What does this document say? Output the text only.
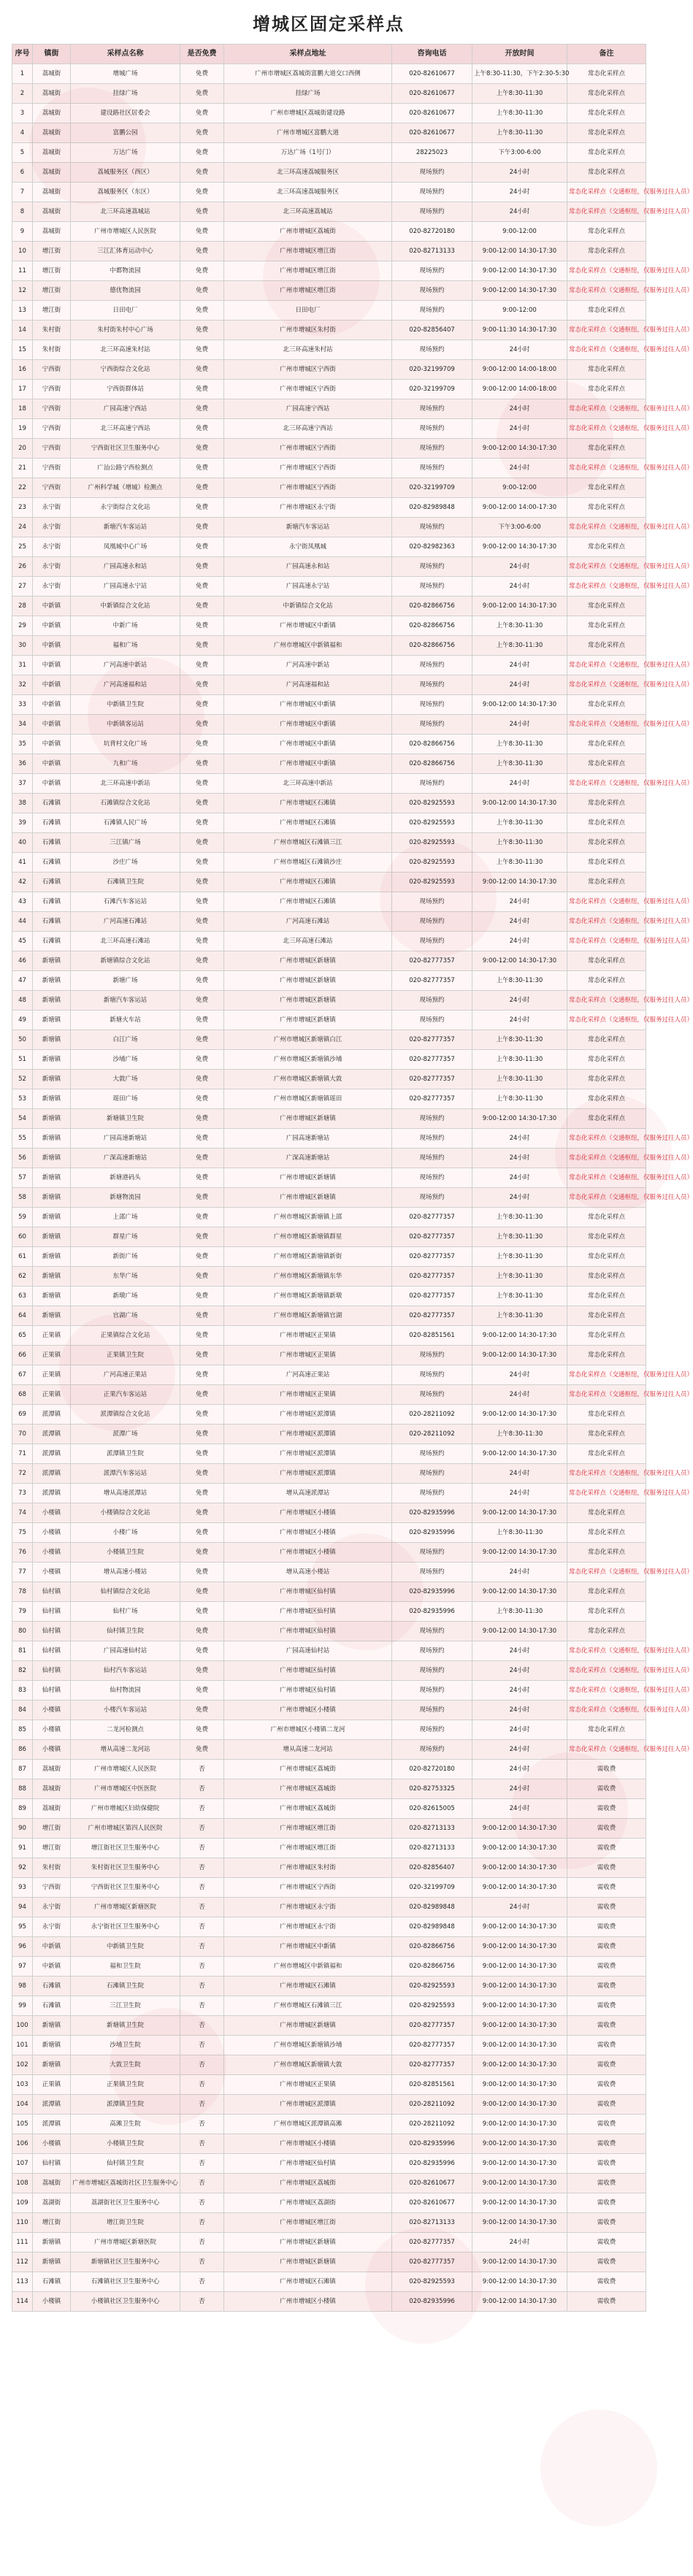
增城区固定采样点
序号	镇街	采样点名称	是否免费	采样点地址	咨询电话	开放时间	备注
1	荔城街	增城广场	免费	广州市增城区荔城街富鹏大道交口西侧	020-82610677	上午8:30-11:30，下午2:30-5:30	常态化采样点
2	荔城街	挂绿广场	免费	挂绿广场	020-82610677	上午8:30-11:30	常态化采样点
3	荔城街	建设路社区居委会	免费	广州市增城区荔城街建设路	020-82610677	上午8:30-11:30	常态化采样点
4	荔城街	富鹏公园	免费	广州市增城区富鹏大道	020-82610677	上午8:30-11:30	常态化采样点
5	荔城街	万达广场	免费	万达广场（1号门）	28225023	下午3:00-6:00	常态化采样点
6	荔城街	荔城服务区（西区）	免费	北三环高速荔城服务区	现场预约	24小时	常态化采样点
7	荔城街	荔城服务区（东区）	免费	北三环高速荔城服务区	现场预约	24小时	常态化采样点（交通枢纽，仅服务过往人员）
8	荔城街	北三环高速荔城站	免费	北三环高速荔城站	现场预约	24小时	常态化采样点（交通枢纽，仅服务过往人员）
9	荔城街	广州市增城区人民医院	免费	广州市增城区荔城街	020-82720180	9:00-12:00	常态化采样点
10	增江街	三江汇体育运动中心	免费	广州市增城区增江街	020-82713133	9:00-12:00 14:30-17:30	常态化采样点
11	增江街	中都物流园	免费	广州市增城区增江街	现场预约	9:00-12:00 14:30-17:30	常态化采样点（交通枢纽，仅服务过往人员）
12	增江街	德优物流园	免费	广州市增城区增江街	现场预约	9:00-12:00 14:30-17:30	常态化采样点（交通枢纽，仅服务过往人员）
13	增江街	日田电厂	免费	日田电厂	现场预约	9:00-12:00	常态化采样点
14	朱村街	朱村街朱村中心广场	免费	广州市增城区朱村街	020-82856407	9:00-11:30 14:30-17:30	常态化采样点（交通枢纽，仅服务过往人员）
15	朱村街	北三环高速朱村站	免费	北三环高速朱村站	现场预约	24小时	常态化采样点（交通枢纽，仅服务过往人员）
16	宁西街	宁西街综合文化站	免费	广州市增城区宁西街	020-32199709	9:00-12:00 14:00-18:00	常态化采样点
17	宁西街	宁西街群体站	免费	广州市增城区宁西街	020-32199709	9:00-12:00 14:00-18:00	常态化采样点
18	宁西街	广园高速宁西站	免费	广园高速宁西站	现场预约	24小时	常态化采样点（交通枢纽，仅服务过往人员）
19	宁西街	北三环高速宁西站	免费	北三环高速宁西站	现场预约	24小时	常态化采样点（交通枢纽，仅服务过往人员）
20	宁西街	宁西街社区卫生服务中心	免费	广州市增城区宁西街	现场预约	9:00-12:00 14:30-17:30	常态化采样点
21	宁西街	广汕公路宁西检测点	免费	广州市增城区宁西街	现场预约	24小时	常态化采样点（交通枢纽，仅服务过往人员）
22	宁西街	广州科学城（增城）检测点	免费	广州市增城区宁西街	020-32199709	9:00-12:00	常态化采样点
23	永宁街	永宁街综合文化站	免费	广州市增城区永宁街	020-82989848	9:00-12:00 14:00-17:30	常态化采样点
24	永宁街	新塘汽车客运站	免费	新塘汽车客运站	现场预约	下午3:00-6:00	常态化采样点（交通枢纽，仅服务过往人员）
25	永宁街	凤凰城中心广场	免费	永宁街凤凰城	020-82982363	9:00-12:00 14:30-17:30	常态化采样点
26	永宁街	广园高速永和站	免费	广园高速永和站	现场预约	24小时	常态化采样点（交通枢纽，仅服务过往人员）
27	永宁街	广园高速永宁站	免费	广园高速永宁站	现场预约	24小时	常态化采样点（交通枢纽，仅服务过往人员）
28	中新镇	中新镇综合文化站	免费	中新镇综合文化站	020-82866756	9:00-12:00 14:30-17:30	常态化采样点
29	中新镇	中新广场	免费	广州市增城区中新镇	020-82866756	上午8:30-11:30	常态化采样点
30	中新镇	福和广场	免费	广州市增城区中新镇福和	020-82866756	上午8:30-11:30	常态化采样点
31	中新镇	广河高速中新站	免费	广河高速中新站	现场预约	24小时	常态化采样点（交通枢纽，仅服务过往人员）
32	中新镇	广河高速福和站	免费	广河高速福和站	现场预约	24小时	常态化采样点（交通枢纽，仅服务过往人员）
33	中新镇	中新镇卫生院	免费	广州市增城区中新镇	现场预约	9:00-12:00 14:30-17:30	常态化采样点
34	中新镇	中新镇客运站	免费	广州市增城区中新镇	现场预约	24小时	常态化采样点（交通枢纽，仅服务过往人员）
35	中新镇	坑背村文化广场	免费	广州市增城区中新镇	020-82866756	上午8:30-11:30	常态化采样点
36	中新镇	九和广场	免费	广州市增城区中新镇	020-82866756	上午8:30-11:30	常态化采样点
37	中新镇	北三环高速中新站	免费	北三环高速中新站	现场预约	24小时	常态化采样点（交通枢纽，仅服务过往人员）
38	石滩镇	石滩镇综合文化站	免费	广州市增城区石滩镇	020-82925593	9:00-12:00 14:30-17:30	常态化采样点
39	石滩镇	石滩镇人民广场	免费	广州市增城区石滩镇	020-82925593	上午8:30-11:30	常态化采样点
40	石滩镇	三江镇广场	免费	广州市增城区石滩镇三江	020-82925593	上午8:30-11:30	常态化采样点
41	石滩镇	沙庄广场	免费	广州市增城区石滩镇沙庄	020-82925593	上午8:30-11:30	常态化采样点
42	石滩镇	石滩镇卫生院	免费	广州市增城区石滩镇	020-82925593	9:00-12:00 14:30-17:30	常态化采样点
43	石滩镇	石滩汽车客运站	免费	广州市增城区石滩镇	现场预约	24小时	常态化采样点（交通枢纽，仅服务过往人员）
44	石滩镇	广河高速石滩站	免费	广河高速石滩站	现场预约	24小时	常态化采样点（交通枢纽，仅服务过往人员）
45	石滩镇	北三环高速石滩站	免费	北三环高速石滩站	现场预约	24小时	常态化采样点（交通枢纽，仅服务过往人员）
46	新塘镇	新塘镇综合文化站	免费	广州市增城区新塘镇	020-82777357	9:00-12:00 14:30-17:30	常态化采样点
47	新塘镇	新塘广场	免费	广州市增城区新塘镇	020-82777357	上午8:30-11:30	常态化采样点
48	新塘镇	新塘汽车客运站	免费	广州市增城区新塘镇	现场预约	24小时	常态化采样点（交通枢纽，仅服务过往人员）
49	新塘镇	新塘火车站	免费	广州市增城区新塘镇	现场预约	24小时	常态化采样点（交通枢纽，仅服务过往人员）
50	新塘镇	白江广场	免费	广州市增城区新塘镇白江	020-82777357	上午8:30-11:30	常态化采样点
51	新塘镇	沙埔广场	免费	广州市增城区新塘镇沙埔	020-82777357	上午8:30-11:30	常态化采样点
52	新塘镇	大敦广场	免费	广州市增城区新塘镇大敦	020-82777357	上午8:30-11:30	常态化采样点
53	新塘镇	瑶田广场	免费	广州市增城区新塘镇瑶田	020-82777357	上午8:30-11:30	常态化采样点
54	新塘镇	新塘镇卫生院	免费	广州市增城区新塘镇	现场预约	9:00-12:00 14:30-17:30	常态化采样点
55	新塘镇	广园高速新塘站	免费	广园高速新塘站	现场预约	24小时	常态化采样点（交通枢纽，仅服务过往人员）
56	新塘镇	广深高速新塘站	免费	广深高速新塘站	现场预约	24小时	常态化采样点（交通枢纽，仅服务过往人员）
57	新塘镇	新塘港码头	免费	广州市增城区新塘镇	现场预约	24小时	常态化采样点（交通枢纽，仅服务过往人员）
58	新塘镇	新塘物流园	免费	广州市增城区新塘镇	现场预约	24小时	常态化采样点（交通枢纽，仅服务过往人员）
59	新塘镇	上邵广场	免费	广州市增城区新塘镇上邵	020-82777357	上午8:30-11:30	常态化采样点
60	新塘镇	群星广场	免费	广州市增城区新塘镇群星	020-82777357	上午8:30-11:30	常态化采样点
61	新塘镇	新街广场	免费	广州市增城区新塘镇新街	020-82777357	上午8:30-11:30	常态化采样点
62	新塘镇	东华广场	免费	广州市增城区新塘镇东华	020-82777357	上午8:30-11:30	常态化采样点
63	新塘镇	新墩广场	免费	广州市增城区新塘镇新墩	020-82777357	上午8:30-11:30	常态化采样点
64	新塘镇	官湖广场	免费	广州市增城区新塘镇官湖	020-82777357	上午8:30-11:30	常态化采样点
65	正果镇	正果镇综合文化站	免费	广州市增城区正果镇	020-82851561	9:00-12:00 14:30-17:30	常态化采样点
66	正果镇	正果镇卫生院	免费	广州市增城区正果镇	现场预约	9:00-12:00 14:30-17:30	常态化采样点
67	正果镇	广河高速正果站	免费	广河高速正果站	现场预约	24小时	常态化采样点（交通枢纽，仅服务过往人员）
68	正果镇	正果汽车客运站	免费	广州市增城区正果镇	现场预约	24小时	常态化采样点（交通枢纽，仅服务过往人员）
69	派潭镇	派潭镇综合文化站	免费	广州市增城区派潭镇	020-28211092	9:00-12:00 14:30-17:30	常态化采样点
70	派潭镇	派潭广场	免费	广州市增城区派潭镇	020-28211092	上午8:30-11:30	常态化采样点
71	派潭镇	派潭镇卫生院	免费	广州市增城区派潭镇	现场预约	9:00-12:00 14:30-17:30	常态化采样点
72	派潭镇	派潭汽车客运站	免费	广州市增城区派潭镇	现场预约	24小时	常态化采样点（交通枢纽，仅服务过往人员）
73	派潭镇	增从高速派潭站	免费	增从高速派潭站	现场预约	24小时	常态化采样点（交通枢纽，仅服务过往人员）
74	小楼镇	小楼镇综合文化站	免费	广州市增城区小楼镇	020-82935996	9:00-12:00 14:30-17:30	常态化采样点
75	小楼镇	小楼广场	免费	广州市增城区小楼镇	020-82935996	上午8:30-11:30	常态化采样点
76	小楼镇	小楼镇卫生院	免费	广州市增城区小楼镇	现场预约	9:00-12:00 14:30-17:30	常态化采样点
77	小楼镇	增从高速小楼站	免费	增从高速小楼站	现场预约	24小时	常态化采样点（交通枢纽，仅服务过往人员）
78	仙村镇	仙村镇综合文化站	免费	广州市增城区仙村镇	020-82935996	9:00-12:00 14:30-17:30	常态化采样点
79	仙村镇	仙村广场	免费	广州市增城区仙村镇	020-82935996	上午8:30-11:30	常态化采样点
80	仙村镇	仙村镇卫生院	免费	广州市增城区仙村镇	现场预约	9:00-12:00 14:30-17:30	常态化采样点
81	仙村镇	广园高速仙村站	免费	广园高速仙村站	现场预约	24小时	常态化采样点（交通枢纽，仅服务过往人员）
82	仙村镇	仙村汽车客运站	免费	广州市增城区仙村镇	现场预约	24小时	常态化采样点（交通枢纽，仅服务过往人员）
83	仙村镇	仙村物流园	免费	广州市增城区仙村镇	现场预约	24小时	常态化采样点（交通枢纽，仅服务过往人员）
84	小楼镇	小楼汽车客运站	免费	广州市增城区小楼镇	现场预约	24小时	常态化采样点（交通枢纽，仅服务过往人员）
85	小楼镇	二龙河检测点	免费	广州市增城区小楼镇二龙河	现场预约	24小时	常态化采样点
86	小楼镇	增从高速二龙河站	免费	增从高速二龙河站	现场预约	24小时	常态化采样点（交通枢纽，仅服务过往人员）
87	荔城街	广州市增城区人民医院	否	广州市增城区荔城街	020-82720180	24小时	需收费
88	荔城街	广州市增城区中医医院	否	广州市增城区荔城街	020-82753325	24小时	需收费
89	荔城街	广州市增城区妇幼保健院	否	广州市增城区荔城街	020-82615005	24小时	需收费
90	增江街	广州市增城区第四人民医院	否	广州市增城区增江街	020-82713133	9:00-12:00 14:30-17:30	需收费
91	增江街	增江街社区卫生服务中心	否	广州市增城区增江街	020-82713133	9:00-12:00 14:30-17:30	需收费
92	朱村街	朱村街社区卫生服务中心	否	广州市增城区朱村街	020-82856407	9:00-12:00 14:30-17:30	需收费
93	宁西街	宁西街社区卫生服务中心	否	广州市增城区宁西街	020-32199709	9:00-12:00 14:30-17:30	需收费
94	永宁街	广州市增城区新塘医院	否	广州市增城区永宁街	020-82989848	24小时	需收费
95	永宁街	永宁街社区卫生服务中心	否	广州市增城区永宁街	020-82989848	9:00-12:00 14:30-17:30	需收费
96	中新镇	中新镇卫生院	否	广州市增城区中新镇	020-82866756	9:00-12:00 14:30-17:30	需收费
97	中新镇	福和卫生院	否	广州市增城区中新镇福和	020-82866756	9:00-12:00 14:30-17:30	需收费
98	石滩镇	石滩镇卫生院	否	广州市增城区石滩镇	020-82925593	9:00-12:00 14:30-17:30	需收费
99	石滩镇	三江卫生院	否	广州市增城区石滩镇三江	020-82925593	9:00-12:00 14:30-17:30	需收费
100	新塘镇	新塘镇卫生院	否	广州市增城区新塘镇	020-82777357	9:00-12:00 14:30-17:30	需收费
101	新塘镇	沙埔卫生院	否	广州市增城区新塘镇沙埔	020-82777357	9:00-12:00 14:30-17:30	需收费
102	新塘镇	大敦卫生院	否	广州市增城区新塘镇大敦	020-82777357	9:00-12:00 14:30-17:30	需收费
103	正果镇	正果镇卫生院	否	广州市增城区正果镇	020-82851561	9:00-12:00 14:30-17:30	需收费
104	派潭镇	派潭镇卫生院	否	广州市增城区派潭镇	020-28211092	9:00-12:00 14:30-17:30	需收费
105	派潭镇	高滩卫生院	否	广州市增城区派潭镇高滩	020-28211092	9:00-12:00 14:30-17:30	需收费
106	小楼镇	小楼镇卫生院	否	广州市增城区小楼镇	020-82935996	9:00-12:00 14:30-17:30	需收费
107	仙村镇	仙村镇卫生院	否	广州市增城区仙村镇	020-82935996	9:00-12:00 14:30-17:30	需收费
108	荔城街	广州市增城区荔城街社区卫生服务中心	否	广州市增城区荔城街	020-82610677	9:00-12:00 14:30-17:30	需收费
109	荔湖街	荔湖街社区卫生服务中心	否	广州市增城区荔湖街	020-82610677	9:00-12:00 14:30-17:30	需收费
110	增江街	增江街卫生院	否	广州市增城区增江街	020-82713133	9:00-12:00 14:30-17:30	需收费
111	新塘镇	广州市增城区新塘医院	否	广州市增城区新塘镇	020-82777357	24小时	需收费
112	新塘镇	新塘镇社区卫生服务中心	否	广州市增城区新塘镇	020-82777357	9:00-12:00 14:30-17:30	需收费
113	石滩镇	石滩镇社区卫生服务中心	否	广州市增城区石滩镇	020-82925593	9:00-12:00 14:30-17:30	需收费
114	小楼镇	小楼镇社区卫生服务中心	否	广州市增城区小楼镇	020-82935996	9:00-12:00 14:30-17:30	需收费
